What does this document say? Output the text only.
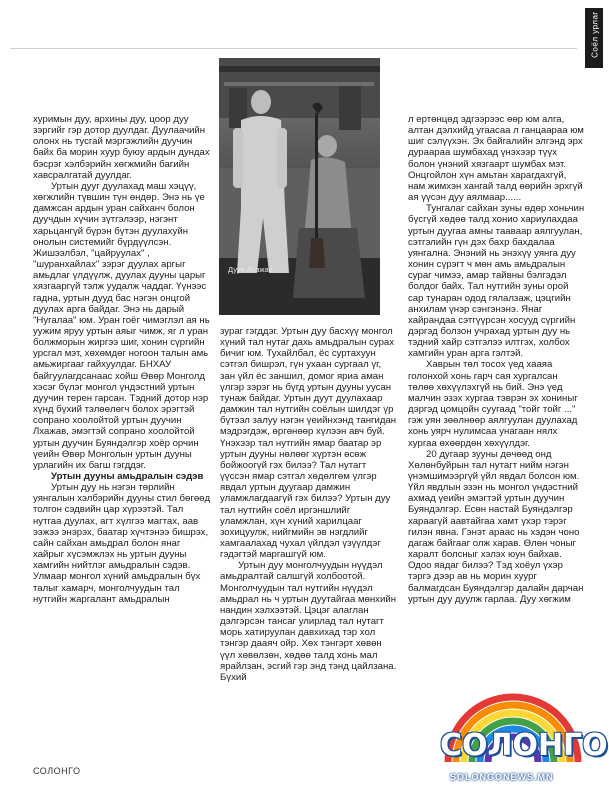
Соёл урлаг

хуримын дуу, архины дуу, цоор дуу зэргийг гэр дотор дуулдаг. Дуулаачийн олонх нь тусгай мэргэжлийн дуучин байх ба морин хуур буюу ардын дундах бэсрэг хэлбэрийн хөгжмийн багийн хавсралгатай дуулдаг.

Уртын дууг дуулахад маш хэцүү, хөгжлийн түвшин түн өндөр. Энэ нь үе дамжсан ардын уран сайханч болон дуучдын хүчин зүтгэлээр, нэгэнт харьцангүй бүрэн бүтэн дуулахуйн онолын системийг бүрдүүлсэн. Жишээлбэл, "цайруулах" , "шуранхайлах" зэрэг дуулах аргыг амьдлаг үлдүүлж, дуулах дууны царыг хязгааргүй тэлж уудалж чаддаг. Үүнээс гадна, уртын дууд бас нэгэн онцгой дуулах арга байдаг. Энэ нь дарый "Нугалаа" юм. Уран гоёг чимэглэл ая нь уужим яруу уртын аяыг чимж, яг л уран болжморын жиргээ шиг, хонин сүргийн урсгал мэт, хөхөмдөг ногоон талын амь амьжиргааг гайхуулдаг. БНХАУ байгуулагдсанаас хойш Өвөр Монголд хэсэг бүлэг монгол үндэстний уртын дуучин терен гарсан. Тэдний дотор нэр хүнд бүхий тэлөөлөгч болох эрэгтэй сопрано хоолойтой уртын дуучин Лхажав, эмэгтэй сопрано хоолойтой уртын дуучин Буяндэлгэр хоёр орчин үеийн Өвөр Монголын уртын дууны урлагийн их багш гэгддэг.

Уртын дууны амьдралын сэдэв

Уртын дуу нь нэгэн төрлийн уянгалын хэлбэрийн дууны стил бөгөөд толгон сэдвийн цар хүрээтэй. Тал нутгаа дуулах, агт хүлгээ магтах, аав ээжээ энэрэх, баатар хүчтэнээ бишрэх, сайн сайхан амьдрал болон янаг хайрыг хүсэмжлэх нь уртын дууны хамгийн нийтлэг амьдралын сэдэв. Улмаар монгол хүний амьдралын бүх талыг хамарч, монголчуудын тал нутгийн жаргалант амьдралын

Дууч Лхажав

зураг гэгддэг. Уртын дуу басхүү монгол хүний тал нутаг дахь амьдралын сурах бичиг юм. Тухайлбал, ёс суртахуун сэтгэл бишрэл, гүн ухаан сургаал үг, зан үйл ёс заншил, домог яриа аман үлгэр зэрэг нь бүгд уртын дууны уусан тунаж байдаг. Уртын дуут дуулахаар дамжин тал нутгийн соёлын шилдэг үр бүтээл залуу нэгэн үеийнхэнд тангидан мэдрэгдэж, өргөнөөр хүлээн авч буй. Үнэхээр тал нутгийн ямар баатар эр уртын дууны нөлөөг хүртэн өсөж бойжоогүй гэх билээ? Тал нутагт үүссэн ямар сэтгэл хөдөлгөм үлгэр явдал уртын дуугаар дамжин уламжлагдаагүй гэх билээ? Уртын дуу тал нутгийн соёл иргэншлийг уламжлан, хүн хүний харилцааг зохицуулж, нийгмийн эв нэгдлийг хамгаалахад чухал үйлдэл үзүүлдэг гэдэгтэй маргашгүй юм.

Уртын дуу монголчуудын нүүдэл амьдралтай салшгүй холбоотой. Монголчуудын тал нутгийн нүүдэл амьдрал нь ч уртын дуутайгаа мөнхийн нандин хэлхээтэй. Цэцэг алаглан дэлгэрсэн тансаг улирлад тал нутагт морь хатируулан давхихад тэр хол тэнгэр дааяч ойр. Хөх тэнгэрт хөвөн үүл хөвөлзөн, хөдөө талд хонь мал ярайлзан, эсгий гэр энд тэнд цайлзана. Бүхий

л ертөнцөд эдгээрээс өөр юм алга, алтан дэлхийд угаасаа л ганцаараа юм шиг сэлүүхэн. Эх байгалийн элгэнд эрх дураараа шумбахад үнэхээр түүх болон үнэний хязгаарт шумбах мэт. Онцгойлон хүн амьтан харагдахгүй, нам жимхэн хангай талд өөрийн эрхгүй ая үүсэн дуу аялмаар......

Тунгалаг сайхан зуны өдөр хоньчин бүсгүй хөдөө талд хонио хариулахдаа уртын дуугаа амны таавaар аялгуулан, сэтгэлийн гүн дэх бахр бахдалаа уянгална. Энэний нь энэхүү уянга дуу хонин сүрэгт ч мөн амь амьдралын сураг чимээ, амар тайвны бэлгэдэл болдог байх. Тал нутгийн зуны орой сар тунаран одод гялалзаж, цэцгийн анхилам үнэр сэнгэнэнэ. Янаг хайрандаа сэтгүүрсэн хосууд сүргийн дэргэд болзон учрахад уртын дуу нь тэдний хайр сэтгэлээ илтгэх, холбох хамгийн уран арга гэлтэй.

Хаврын төл тосох үед хааяа голонхой хонь гарч сая хургалсан төлөө хөхүүлэхгүй нь бий. Энэ үед малчин эзэх хургаа тэврэн эх хониныг дэргэд цомцойн суугаад "тойг тойг ..." гэж уян зөөлнөөр аялгуулан дуулахад хонь уярч нулимсаа унагаан нялх хургаа өхөөрдөн хөхүүлдэг.

20 дугаар зууны дөчөөд онд Хөлөнбуйрын тал нутагт нийм нэгэн үнэмшимээргүй үйл явдал болсон юм. Үйл явдлын эзэн нь монгол үндэстний ахмад үеийн эмэгтэй уртын дуучин Буяндэлгэр. Есөн настай Буяндэлгэр хараагүй аавтайгаа хамт үхэр тэрэг гилэн явна. Гэнэт араас нь хэдэн чоно дагаж байгааг олж харав. Өлөн чоныг харалт болсныг хэлэх юун байхав. Одоо яадаг билээ? Тэд хоёул үхэр тэргэ дээр ав нь морин хуург балмагдсан Буяндэлгэр далайн дарчан уртын дуу дуулж гарлаа. Дуу хөгжим

СОЛОНГО
СОЛОНГО
SOLONGONEWS.MN
